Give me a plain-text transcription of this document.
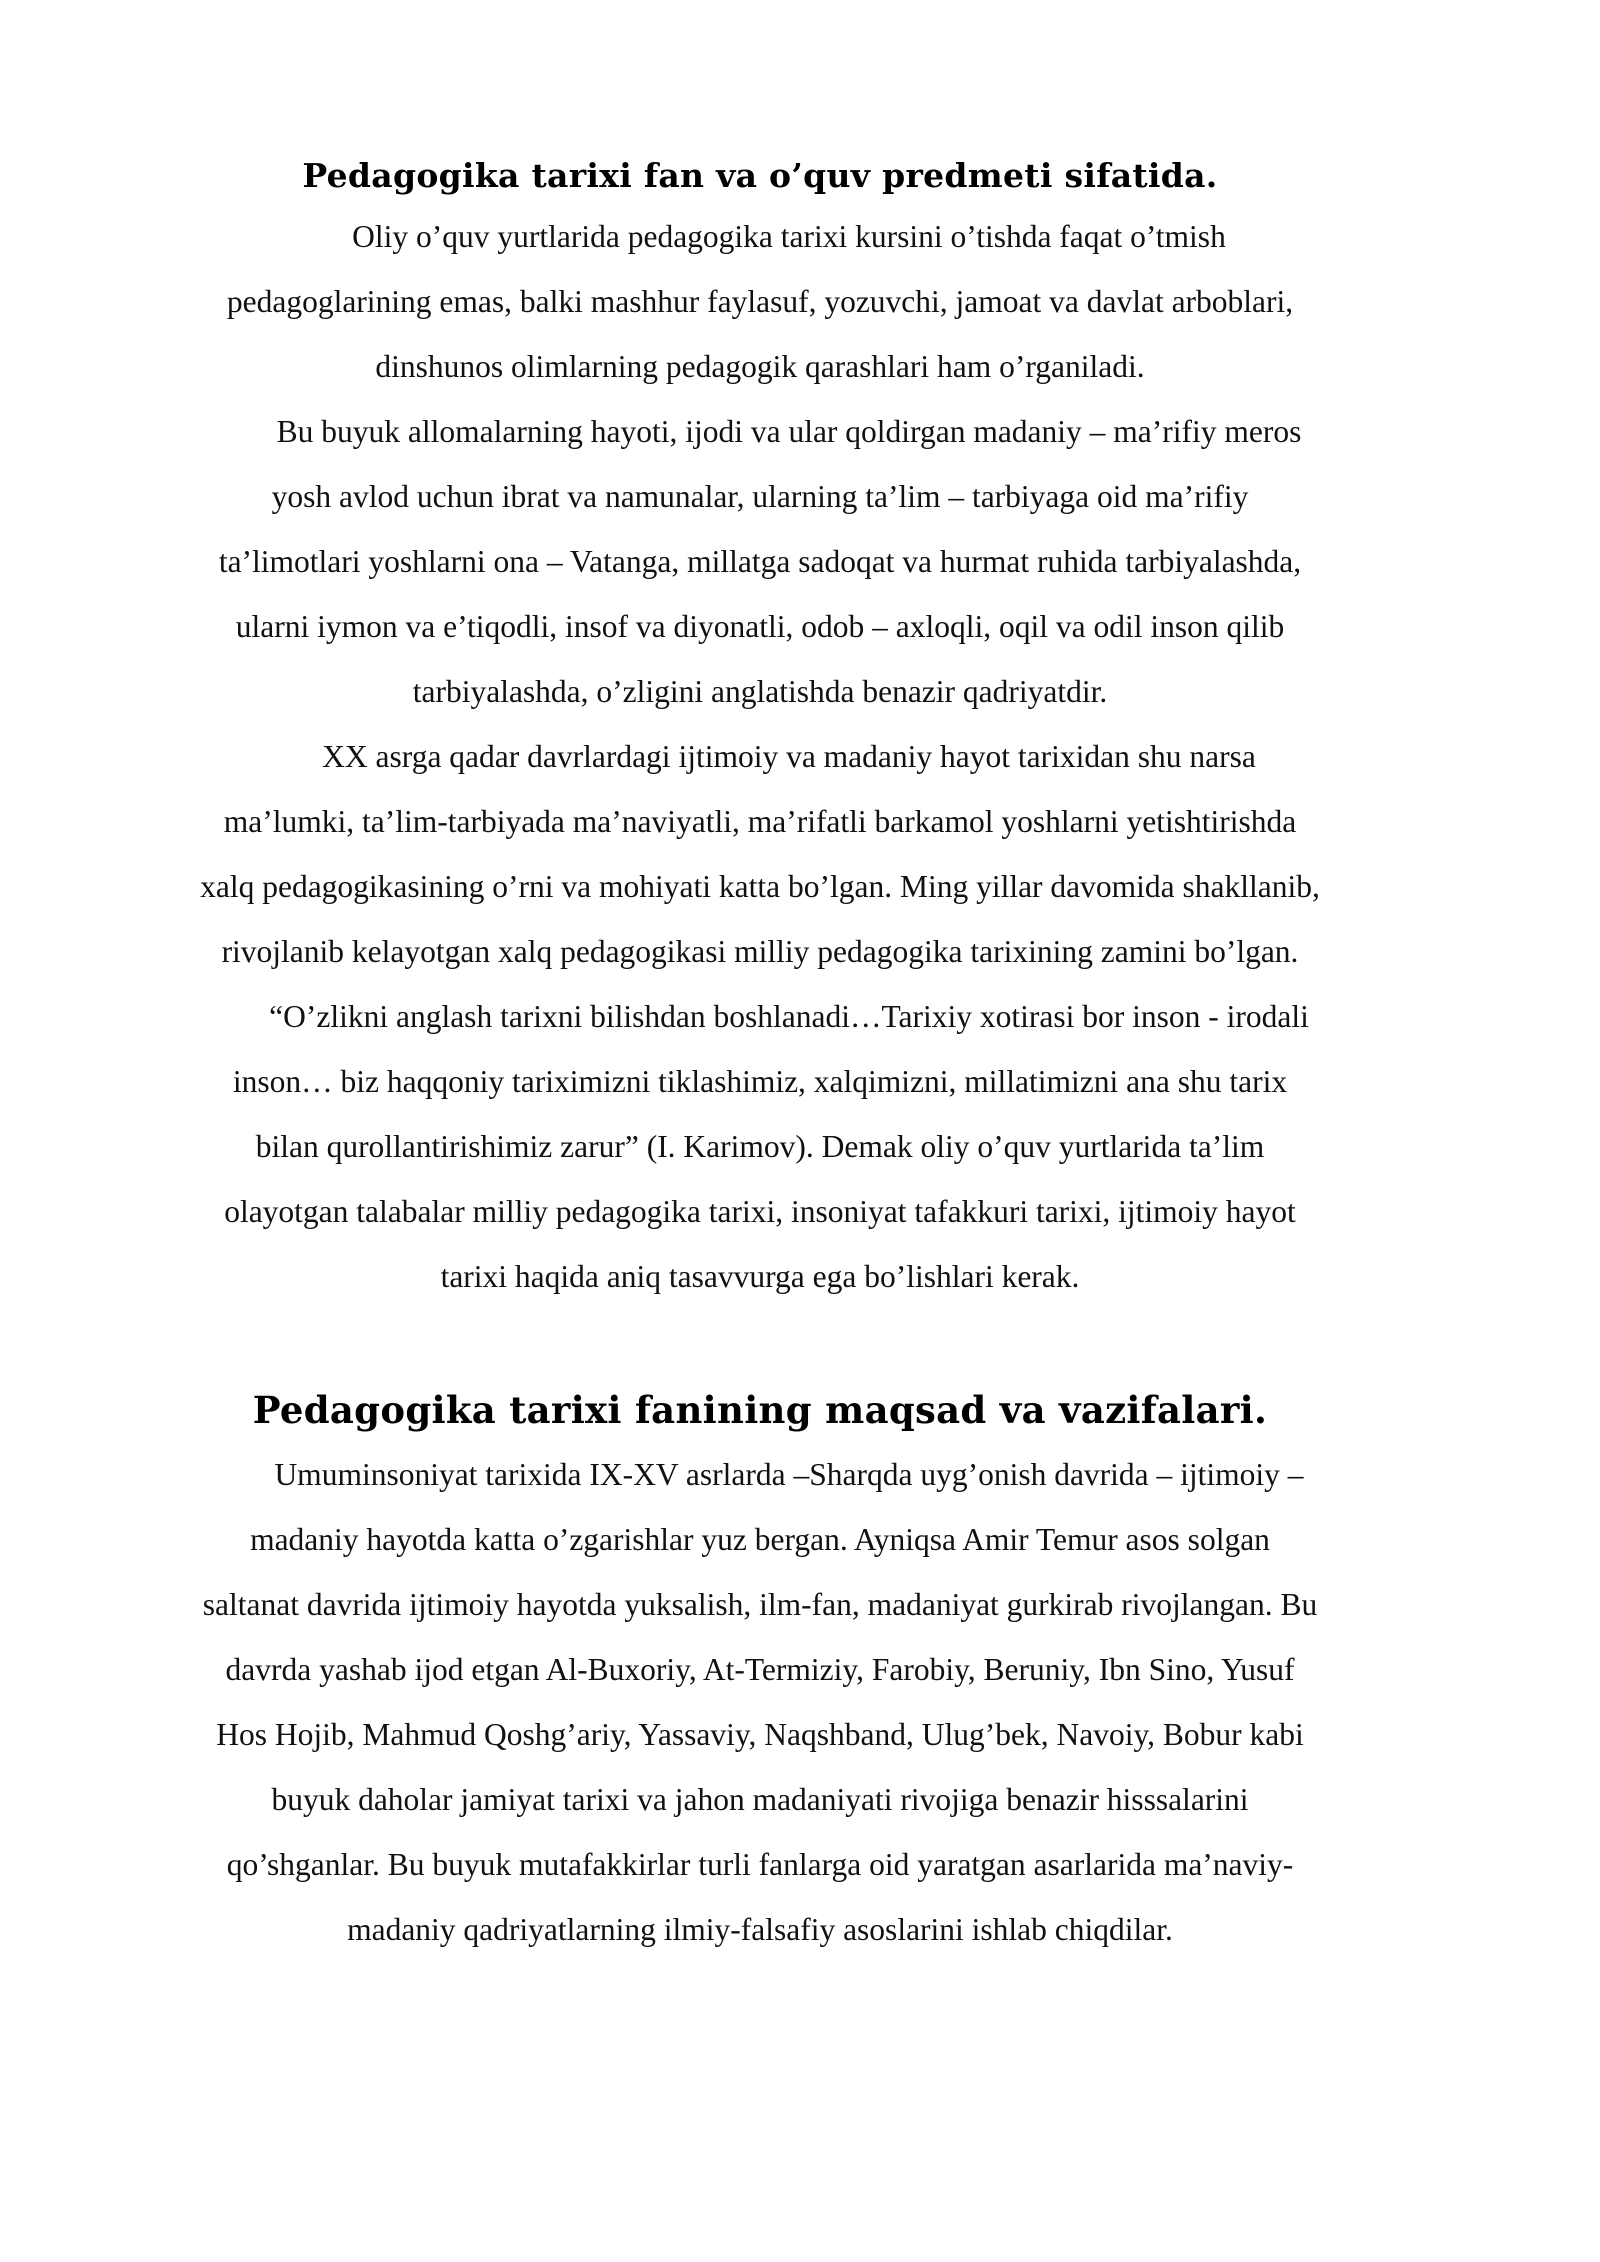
Pedagogika tarixi fan va o’quv predmeti sifatida.

Oliy o’quv yurtlarida pedagogika tarixi kursini o’tishda faqat o’tmish pedagoglarining emas, balki mashhur faylasuf, yozuvchi, jamoat va davlat arboblari, dinshunos olimlarning pedagogik qarashlari ham o’rganiladi.

Bu buyuk allomalarning hayoti, ijodi va ular qoldirgan madaniy – ma’rifiy meros yosh avlod uchun ibrat va namunalar, ularning ta’lim – tarbiyaga oid ma’rifiy ta’limotlari yoshlarni ona – Vatanga, millatga sadoqat va hurmat ruhida tarbiyalashda, ularni iymon va e’tiqodli, insof va diyonatli, odob – axloqli, oqil va odil inson qilib tarbiyalashda, o’zligini anglatishda benazir qadriyatdir.

XX asrga qadar davrlardagi ijtimoiy va madaniy hayot tarixidan shu narsa ma’lumki, ta’lim-tarbiyada ma’naviyatli, ma’rifatli barkamol yoshlarni yetishtirishda xalq pedagogikasining o’rni va mohiyati katta bo’lgan. Ming yillar davomida shakllanib, rivojlanib kelayotgan xalq pedagogikasi milliy pedagogika tarixining zamini bo’lgan.

“O’zlikni anglash tarixni bilishdan boshlanadi…Tarixiy xotirasi bor inson - irodali inson… biz haqqoniy tariximizni tiklashimiz, xalqimizni, millatimizni ana shu tarix bilan qurollantirishimiz zarur” (I. Karimov). Demak oliy o’quv yurtlarida ta’lim olayotgan talabalar milliy pedagogika tarixi, insoniyat tafakkuri tarixi, ijtimoiy hayot tarixi haqida aniq tasavvurga ega bo’lishlari kerak.

Pedagogika tarixi fanining maqsad va vazifalari.

Umuminsoniyat tarixida IX-XV asrlarda –Sharqda uyg’onish davrida – ijtimoiy – madaniy hayotda katta o’zgarishlar yuz bergan. Ayniqsa Amir Temur asos solgan saltanat davrida ijtimoiy hayotda yuksalish, ilm-fan, madaniyat gurkirab rivojlangan. Bu davrda yashab ijod etgan Al-Buxoriy, At-Termiziy, Farobiy, Beruniy, Ibn Sino, Yusuf Hos Hojib, Mahmud Qoshg’ariy, Yassaviy, Naqshband, Ulug’bek, Navoiy, Bobur kabi buyuk daholar jamiyat tarixi va jahon madaniyati rivojiga benazir hisssalarini qo’shganlar. Bu buyuk mutafakkirlar turli fanlarga oid yaratgan asarlarida ma’naviy-madaniy qadriyatlarning ilmiy-falsafiy asoslarini ishlab chiqdilar.
